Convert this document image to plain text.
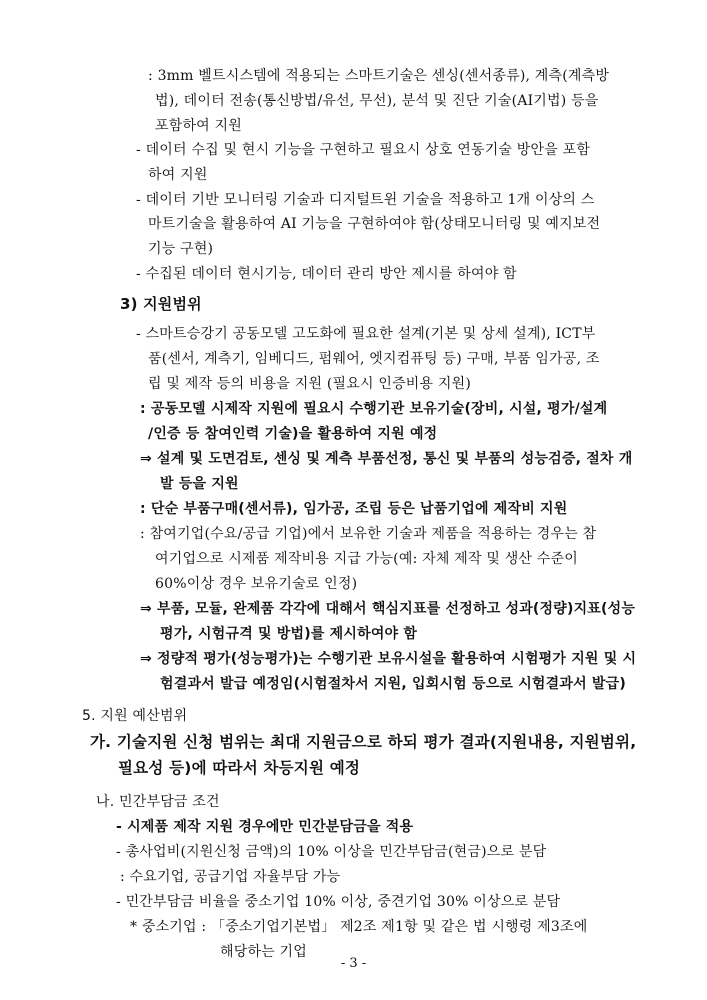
: 3mm 벨트시스템에 적용되는 스마트기술은 센싱(센서종류), 계측(계측방
법), 데이터 전송(통신방법/유선, 무선), 분석 및 진단 기술(AI기법) 등을
포함하여 지원
- 데이터 수집 및 현시 기능을 구현하고 필요시 상호 연동기술 방안을 포함
하여 지원
- 데이터 기반 모니터링 기술과 디지털트윈 기술을 적용하고 1개 이상의 스
마트기술을 활용하여 AI 기능을 구현하여야 함(상태모니터링 및 예지보전
기능 구현)
- 수집된 데이터 현시기능, 데이터 관리 방안 제시를 하여야 함
3) 지원범위
- 스마트승강기 공동모델 고도화에 필요한 설계(기본 및 상세 설계), ICT부
품(센서, 계측기, 임베디드, 펌웨어, 엣지컴퓨팅 등) 구매, 부품 임가공, 조
립 및 제작 등의 비용을 지원 (필요시 인증비용 지원)
: 공동모델 시제작 지원에 필요시 수행기관 보유기술(장비, 시설, 평가/설계
/인증 등 참여인력 기술)을 활용하여 지원 예정
⇒ 설계 및 도면검토, 센싱 및 계측 부품선정, 통신 및 부품의 성능검증, 절차 개
발 등을 지원
: 단순 부품구매(센서류), 임가공, 조립 등은 납품기업에 제작비 지원
: 참여기업(수요/공급 기업)에서 보유한 기술과 제품을 적용하는 경우는 참
여기업으로 시제품 제작비용 지급 가능(예: 자체 제작 및 생산 수준이
60%이상 경우 보유기술로 인정)
⇒ 부품, 모듈, 완제품 각각에 대해서 핵심지표를 선정하고 성과(정량)지표(성능
평가, 시험규격 및 방법)를 제시하여야 함
⇒ 정량적 평가(성능평가)는 수행기관 보유시설을 활용하여 시험평가 지원 및 시
험결과서 발급 예정임(시험절차서 지원, 입회시험 등으로 시험결과서 발급)
5. 지원 예산범위
가. 기술지원 신청 범위는 최대 지원금으로 하되 평가 결과(지원내용, 지원범위,
필요성 등)에 따라서 차등지원 예정
나. 민간부담금 조건
- 시제품 제작 지원 경우에만 민간분담금을 적용
- 총사업비(지원신청 금액)의 10% 이상을 민간부담금(현금)으로 분담
: 수요기업, 공급기업 자율부담 가능
- 민간부담금 비율을 중소기업 10% 이상, 중견기업 30% 이상으로 분담
* 중소기업 : 「중소기업기본법」 제2조 제1항 및 같은 법 시행령 제3조에
해당하는 기업
- 3 -
